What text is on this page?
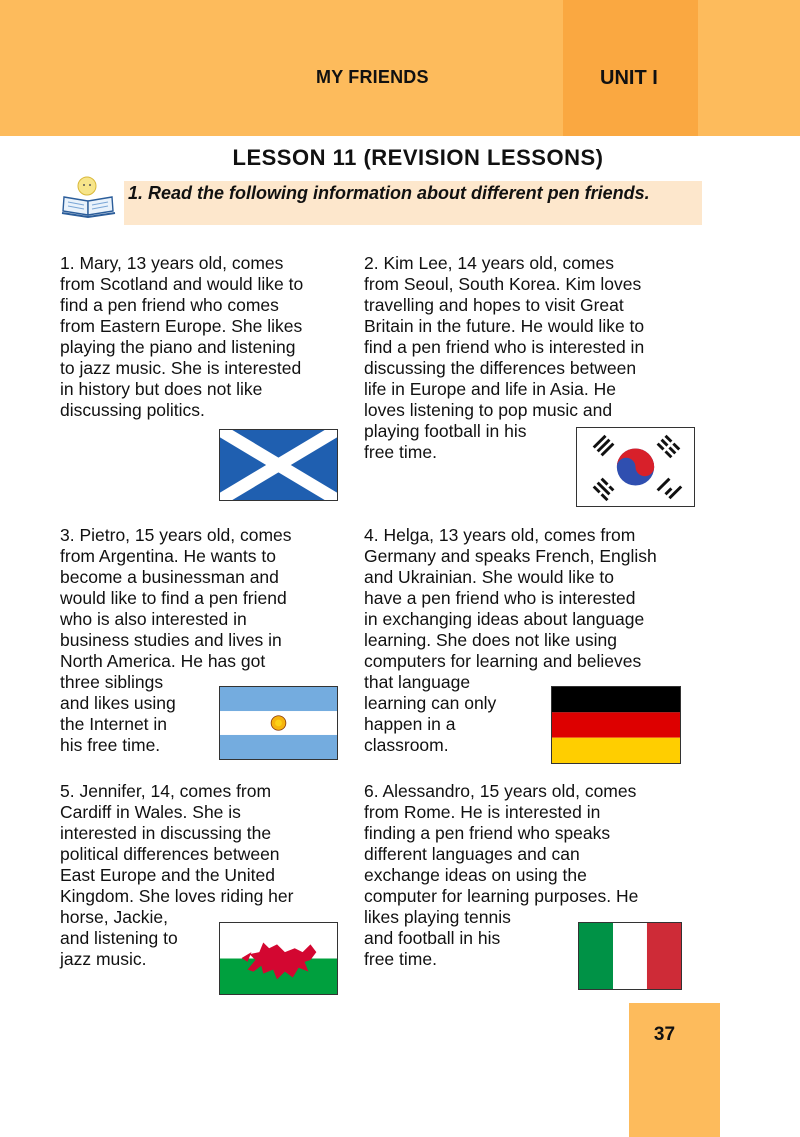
MY FRIENDS	UNIT I
LESSON 11 (REVISION LESSONS)
1. Read the following information about different pen friends.

1. Mary, 13 years old, comes
from Scotland and would like to
find a pen friend who comes
from Eastern Europe. She likes
playing the piano and listening
to jazz music. She is interested
in history but does not like
discussing politics.

2. Kim Lee, 14 years old, comes
from Seoul, South Korea. Kim loves
travelling and hopes to visit Great
Britain in the future. He would like to
find a pen friend who is interested in
discussing the differences between
life in Europe and life in Asia. He
loves listening to pop music and
playing football in his
free time.

3. Pietro, 15 years old, comes
from Argentina. He wants to
become a businessman and
would like to find a pen friend
who is also interested in
business studies and lives in
North America. He has got
three siblings
and likes using
the Internet in
his free time.

4. Helga, 13 years old, comes from
Germany and speaks French, English
and Ukrainian. She would like to
have a pen friend who is interested
in exchanging ideas about language
learning. She does not like using
computers for learning and believes
that language
learning can only
happen in a
classroom.

5. Jennifer, 14, comes from
Cardiff in Wales. She is
interested in discussing the
political differences between
East Europe and the United
Kingdom. She loves riding her
horse, Jackie,
and listening to
jazz music.

6. Alessandro, 15 years old, comes
from Rome. He is interested in
finding a pen friend who speaks
different languages and can
exchange ideas on using the
computer for learning purposes. He
likes playing tennis
and football in his
free time.

37
